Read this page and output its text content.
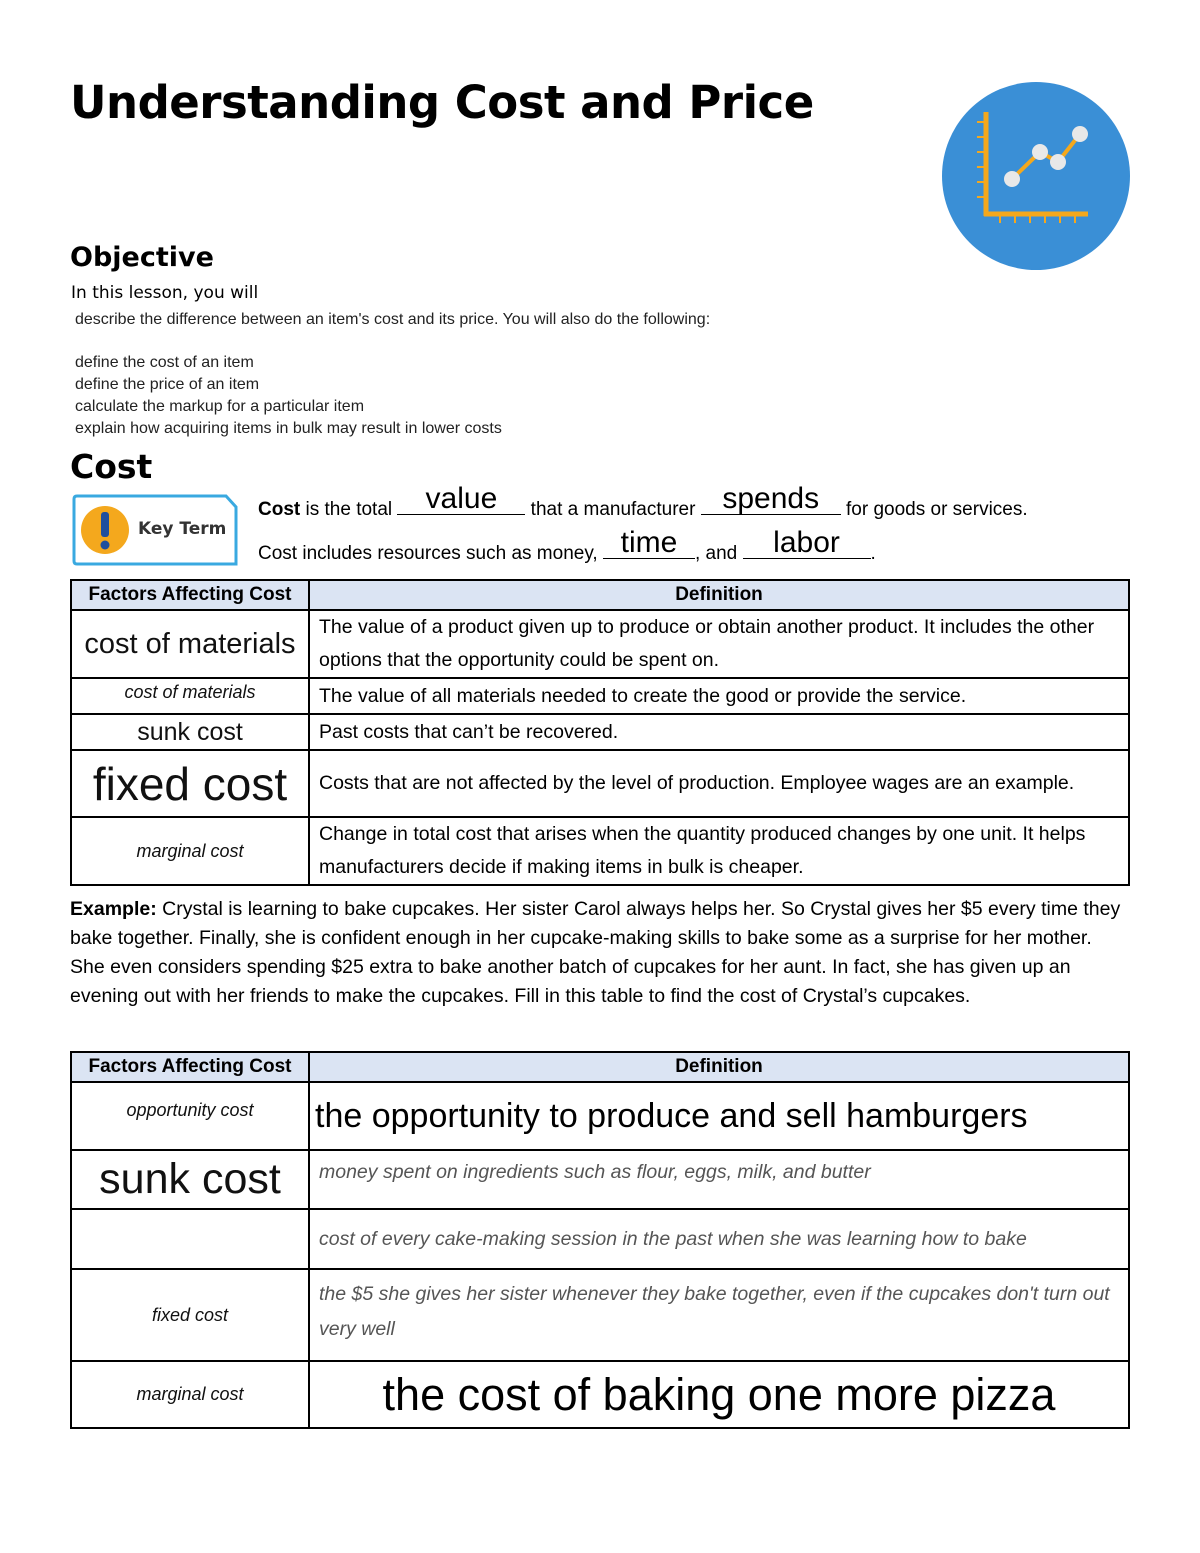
Understanding Cost and Price
Objective
In this lesson, you will
describe the difference between an item's cost and its price. You will also do the following:
define the cost of an item
define the price of an item
calculate the markup for a particular item
explain how acquiring items in bulk may result in lower costs
Cost
Key Term
Cost is the total value	that a manufacturer spends	for goods or services.
Cost includes resources such as money, time , and	labor	.
Factors Affecting Cost	Definition
cost of materials	The value of a product given up to produce or obtain another product. It includes the other options that the opportunity could be spent on.
cost of materials	The value of all materials needed to create the good or provide the service.
sunk cost	Past costs that can’t be recovered.
fixed cost	Costs that are not affected by the level of production. Employee wages are an example.
marginal cost	Change in total cost that arises when the quantity produced changes by one unit. It helps manufacturers decide if making items in bulk is cheaper.
Example: Crystal is learning to bake cupcakes. Her sister Carol always helps her. So Crystal gives her $5 every time they bake together. Finally, she is confident enough in her cupcake-making skills to bake some as a surprise for her mother. She even considers spending $25 extra to bake another batch of cupcakes for her aunt. In fact, she has given up an evening out with her friends to make the cupcakes. Fill in this table to find the cost of Crystal’s cupcakes.
Factors Affecting Cost	Definition
opportunity cost	the opportunity to produce and sell hamburgers
sunk cost	money spent on ingredients such as flour, eggs, milk, and butter
	cost of every cake-making session in the past when she was learning how to bake
fixed cost	the $5 she gives her sister whenever they bake together, even if the cupcakes don't turn out very well
marginal cost	the cost of baking one more pizza
